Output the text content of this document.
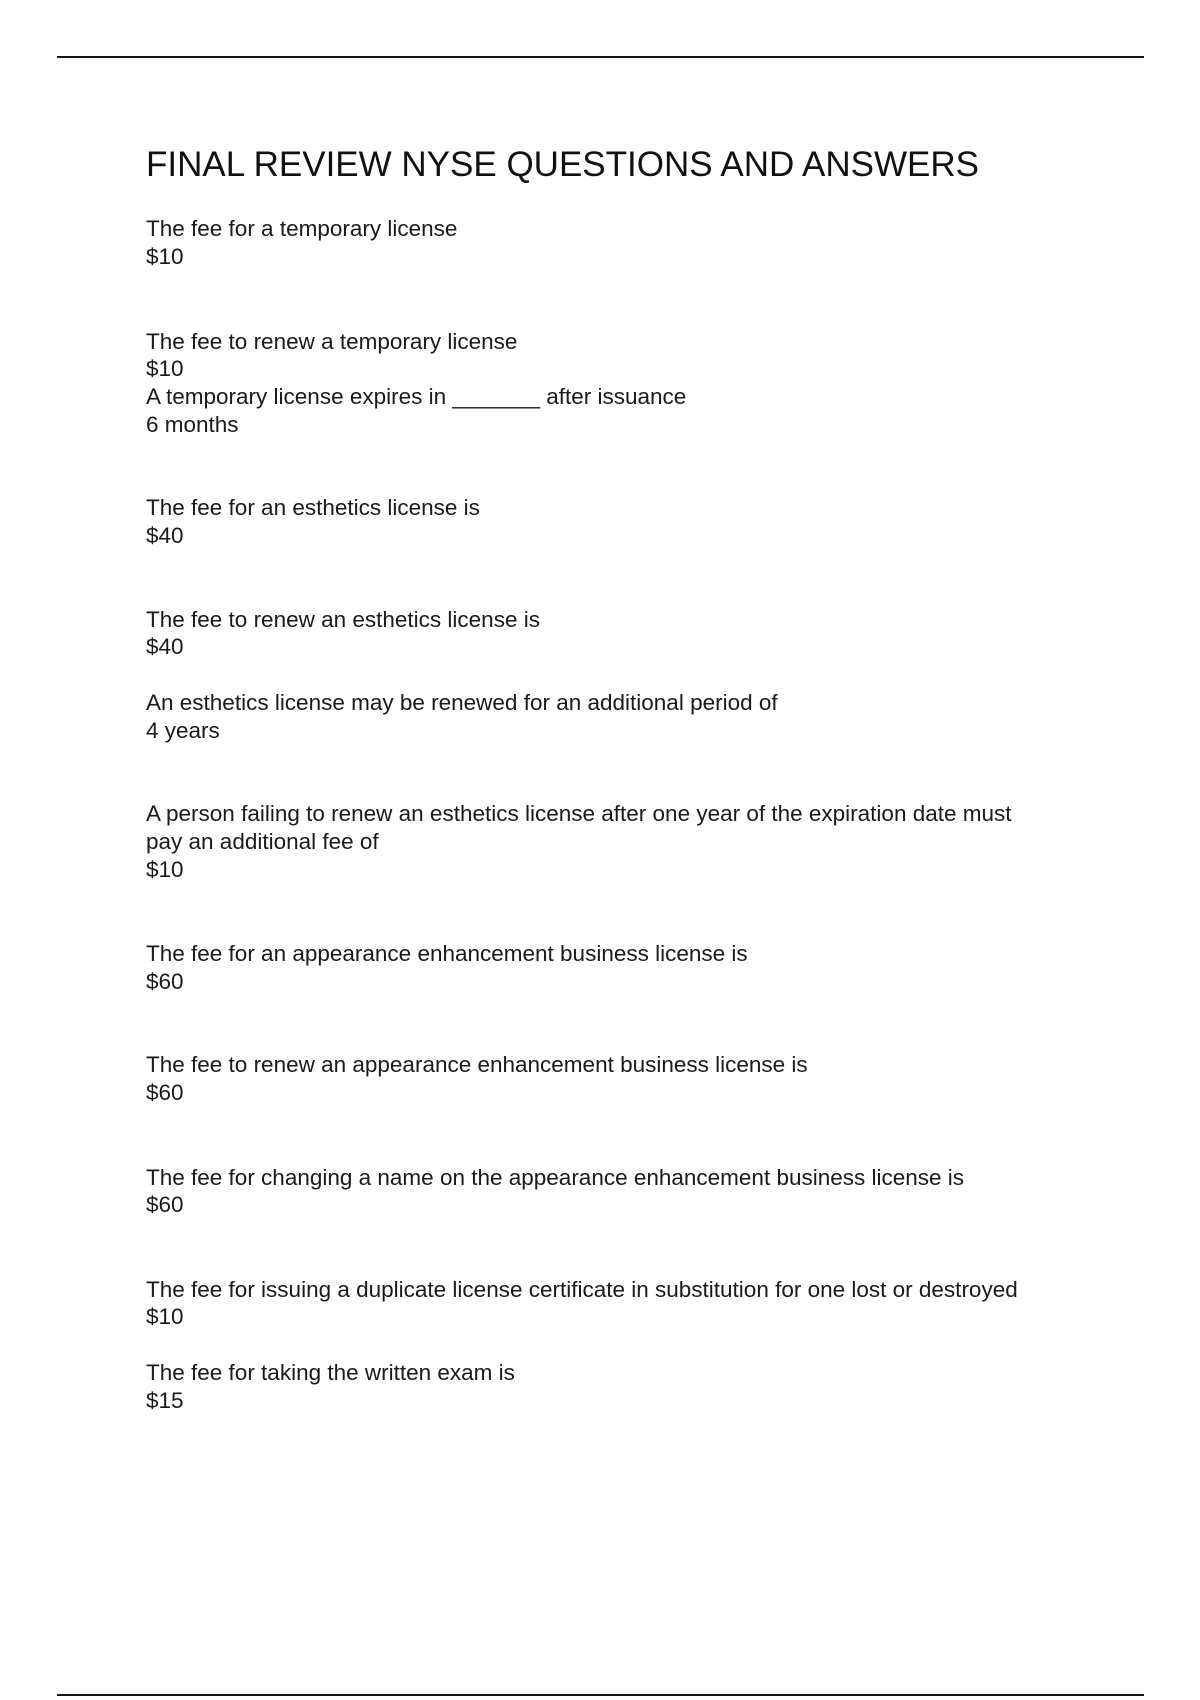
FINAL REVIEW NYSE QUESTIONS AND ANSWERS
The fee for a temporary license
$10
The fee to renew a temporary license
$10
A temporary license expires in _______ after issuance
6 months
The fee for an esthetics license is
$40
The fee to renew an esthetics license is
$40
An esthetics license may be renewed for an additional period of
4 years
A person failing to renew an esthetics license after one year of the expiration date must
pay an additional fee of
$10
The fee for an appearance enhancement business license is
$60
The fee to renew an appearance enhancement business license is
$60
The fee for changing a name on the appearance enhancement business license is
$60
The fee for issuing a duplicate license certificate in substitution for one lost or destroyed
$10
The fee for taking the written exam is
$15
